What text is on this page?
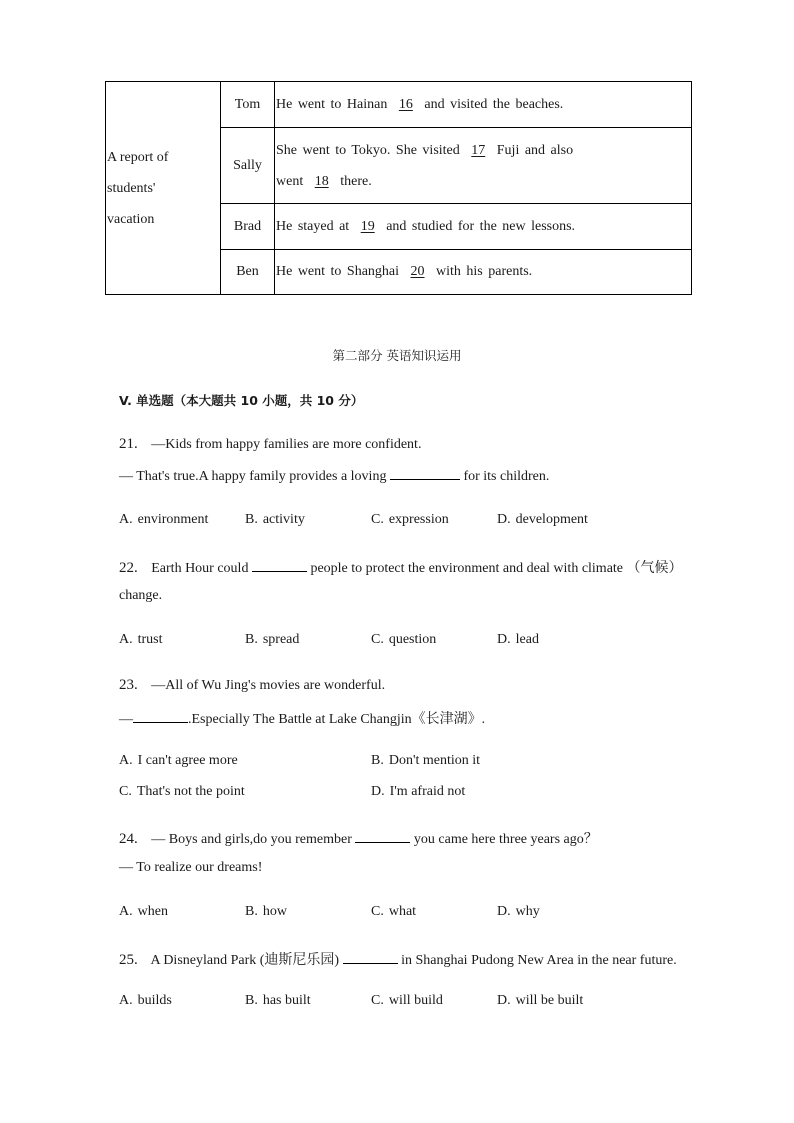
A report of
students'
vacation	Tom	He went to Hainan 16 and visited the beaches.
	Sally	She went to Tokyo. She visited 17 Fuji and also
went 18 there.

	Brad	He stayed at 19 and studied for the new lessons.
	Ben	He went to Shanghai 20 with his parents.
第二部分 英语知识运用
V. 单选题（本大题共 10 小题，共 10 分）
21. —Kids from happy families are more confident.
— That's true.A happy family provides a loving	for its children.
A. environment	B. activity	C. expression	D. development
22. Earth Hour could	people to protect the environment and deal with climate （气候）
change.
A. trust	B. spread	C. question	D. lead
23. —All of Wu Jing's movies are wonderful.
—	.Especially The Battle at Lake Changjin《长津湖》.
A. I can't agree more	B. Don't mention it
C. That's not the point	D. I'm afraid not
24. — Boys and girls,do you remember	you came here three years ago？
— To realize our dreams!
A. when	B. how	C. what	D. why
25. A Disneyland Park (迪斯尼乐园)	in Shanghai Pudong New Area in the near future.
A. builds	B. has built	C. will build	D. will be built
